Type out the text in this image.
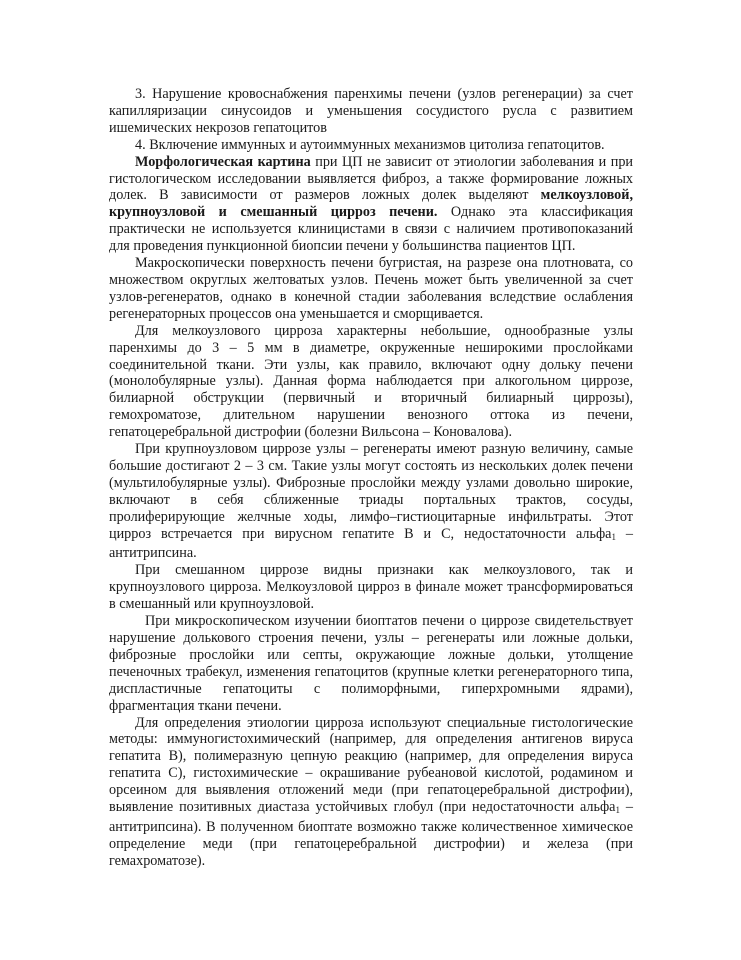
3. Нарушение кровоснабжения паренхимы печени (узлов регенерации) за счет капилляризации синусоидов и уменьшения сосудистого русла с развитием ишемических некрозов гепатоцитов

4. Включение иммунных и аутоиммунных механизмов цитолиза гепатоцитов.

Морфологическая картина при ЦП не зависит от этиологии заболевания и при гистологическом исследовании выявляется фиброз, а также формирование ложных долек. В зависимости от размеров ложных долек выделяют мелкоузловой, крупноузловой и смешанный цирроз печени. Однако эта классификация практически не используется клиницистами в связи с наличием противопоказаний для проведения пункционной биопсии печени у большинства пациентов ЦП.

Макроскопически поверхность печени бугристая, на разрезе она плотновата, со множеством округлых желтоватых узлов. Печень может быть увеличенной за счет узлов-регенератов, однако в конечной стадии заболевания вследствие ослабления регенераторных процессов она уменьшается и сморщивается.

Для мелкоузлового цирроза характерны небольшие, однообразные узлы паренхимы до 3 – 5 мм в диаметре, окруженные неширокими прослойками соединительной ткани. Эти узлы, как правило, включают одну дольку печени (монолобулярные узлы). Данная форма наблюдается при алкогольном циррозе, билиарной обструкции (первичный и вторичный билиарный циррозы), гемохроматозе, длительном нарушении венозного оттока из печени, гепатоцеребральной дистрофии (болезни Вильсона – Коновалова).

При крупноузловом циррозе узлы – регенераты имеют разную величину, самые большие достигают 2 – 3 см. Такие узлы могут состоять из нескольких долек печени (мультилобулярные узлы). Фиброзные прослойки между узлами довольно широкие, включают в себя сближенные триады портальных трактов, сосуды, пролиферирующие желчные ходы, лимфо–гистиоцитарные инфильтраты. Этот цирроз встречается при вирусном гепатите В и С, недостаточности альфа$_1$ – антитрипсина.

При смешанном циррозе видны признаки как мелкоузлового, так и крупноузлового цирроза. Мелкоузловой цирроз в финале может трансформироваться в смешанный или крупноузловой.

При микроскопическом изучении биоптатов печени о циррозе свидетельствует нарушение долькового строения печени, узлы – регенераты или ложные дольки, фиброзные прослойки или септы, окружающие ложные дольки, утолщение печеночных трабекул, изменения гепатоцитов (крупные клетки регенераторного типа, диспластичные гепатоциты с полиморфными, гиперхромными ядрами), фрагментация ткани печени.

Для определения этиологии цирроза используют специальные гистологические методы: иммуногистохимический (например, для определения антигенов вируса гепатита В), полимеразную цепную реакцию (например, для определения вируса гепатита С), гистохимические – окрашивание рубеановой кислотой, родамином и орсеином для выявления отложений меди (при гепатоцеребральной дистрофии), выявление позитивных диастаза устойчивых глобул (при недостаточности альфа$_1$ – антитрипсина). В полученном биоптате возможно также количественное химическое определение меди (при гепатоцеребральной дистрофии) и железа (при гемахроматозе).
